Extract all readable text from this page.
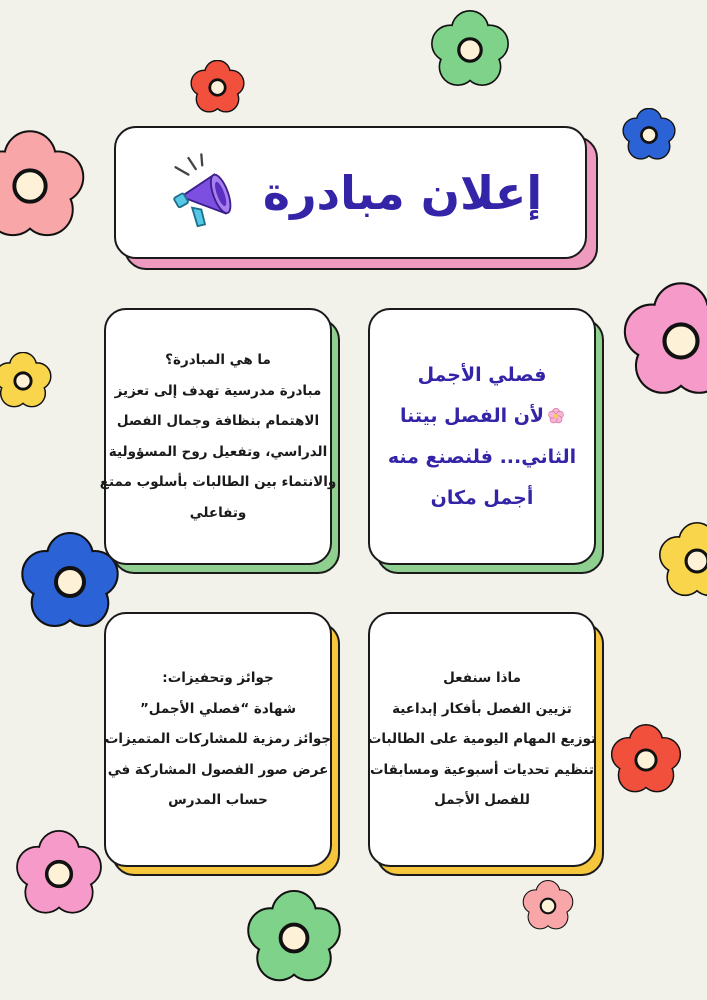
إعلان مبادرة
فصلي الأجمل
لأن الفصل بيتنا
الثاني... فلنصنع منه
أجمل مكان
ما هي المبادرة؟
مبادرة مدرسية تهدف إلى تعزيز
الاهتمام بنظافة وجمال الفصل
الدراسي، وتفعيل روح المسؤولية
والانتماء بين الطالبات بأسلوب ممتع
وتفاعلي
ماذا سنفعل
تزيين الفصل بأفكار إبداعية
توزيع المهام اليومية على الطالبات
تنظيم تحديات أسبوعية ومسابقات
للفصل الأجمل
جوائز وتحفيزات:
شهادة “فصلي الأجمل”
جوائز رمزية للمشاركات المتميزات
عرض صور الفصول المشاركة في
حساب المدرس
